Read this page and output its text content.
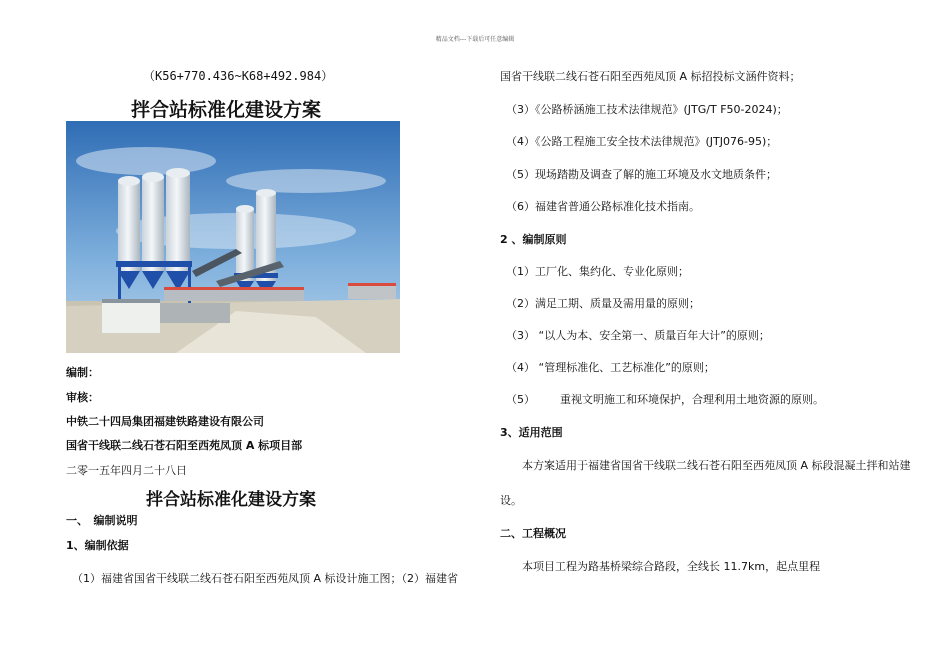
精品文档---下载后可任意编辑
（K56+770.436~K68+492.984）
拌合站标准化建设方案
编制：
审核：
中铁二十四局集团福建铁路建设有限公司
国省干线联二线石苍石阳至西苑凤顶 A 标项目部
二零一五年四月二十八日
拌合站标准化建设方案
一、　编制说明
1、编制依据
（1）福建省国省干线联二线石苍石阳至西苑凤顶 A 标设计施工图；（2）福建省
国省干线联二线石苍石阳至西苑凤顶 A 标招投标文涵件资料；
（3）《公路桥涵施工技术法律规范》(JTG/T F50-2024)；
（4）《公路工程施工安全技术法律规范》(JTJ076-95)；
（5）现场踏勘及调查了解的施工环境及水文地质条件；
（6）福建省普通公路标准化技术指南。
2 、编制原则
（1）工厂化、集约化、专业化原则；
（2）满足工期、质量及需用量的原则；
（3） “以人为本、安全第一、质量百年大计”的原则；
（4） “管理标准化、工艺标准化”的原则；
（5） 重视文明施工和环境保护，合理利用土地资源的原则。
3、适用范围
本方案适用于福建省国省干线联二线石苍石阳至西苑凤顶 A 标段混凝土拌和站建
设。
二、工程概况
本项目工程为路基桥梁综合路段，全线长 11.7km，起点里程
